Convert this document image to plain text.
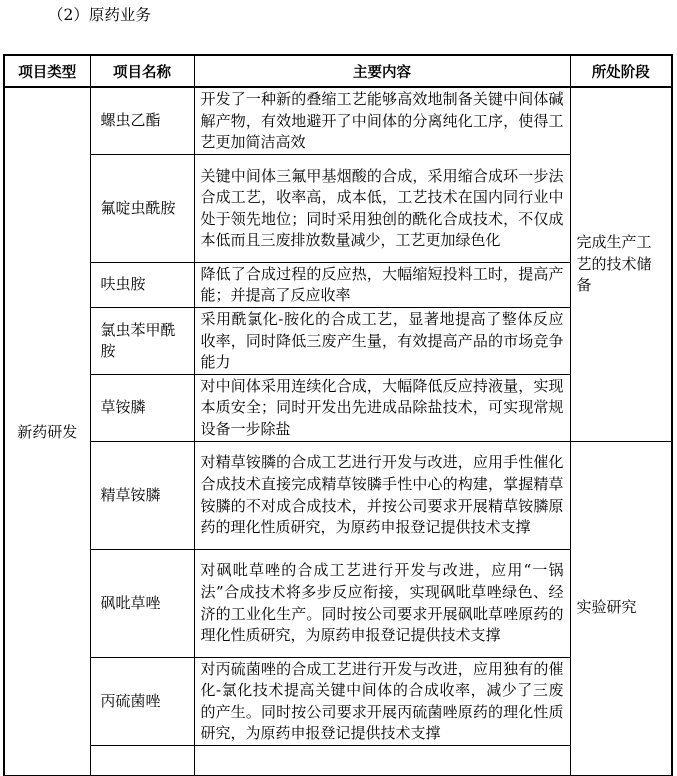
（2）原药业务
项目类型	项目名称	主要内容	所处阶段
新药研发	螺虫乙酯	开发了一种新的叠缩工艺能够高效地制备关键中间体碱解产物，有效地避开了中间体的分离纯化工序，使得工艺更加简洁高效	完成生产工艺的技术储备
	氟啶虫酰胺	关键中间体三氟甲基烟酸的合成，采用缩合成环一步法合成工艺，收率高，成本低，工艺技术在国内同行业中处于领先地位；同时采用独创的酰化合成技术，不仅成本低而且三废排放数量减少，工艺更加绿色化	
	呋虫胺	降低了合成过程的反应热，大幅缩短投料工时，提高产能；并提高了反应收率	
	氯虫苯甲酰胺	采用酰氯化-胺化的合成工艺，显著地提高了整体反应收率，同时降低三废产生量，有效提高产品的市场竞争能力	
	草铵膦	对中间体采用连续化合成，大幅降低反应持液量，实现本质安全；同时开发出先进成品除盐技术，可实现常规设备一步除盐	
	精草铵膦	对精草铵膦的合成工艺进行开发与改进，应用手性催化合成技术直接完成精草铵膦手性中心的构建，掌握精草铵膦的不对成合成技术，并按公司要求开展精草铵膦原药的理化性质研究，为原药申报登记提供技术支撑	实验研究
	砜吡草唑	对砜吡草唑的合成工艺进行开发与改进，应用“一锅法”合成技术将多步反应衔接，实现砜吡草唑绿色、经济的工业化生产。同时按公司要求开展砜吡草唑原药的理化性质研究，为原药申报登记提供技术支撑	
	丙硫菌唑	对丙硫菌唑的合成工艺进行开发与改进，应用独有的催化-氯化技术提高关键中间体的合成收率，减少了三废的产生。同时按公司要求开展丙硫菌唑原药的理化性质研究，为原药申报登记提供技术支撑	
